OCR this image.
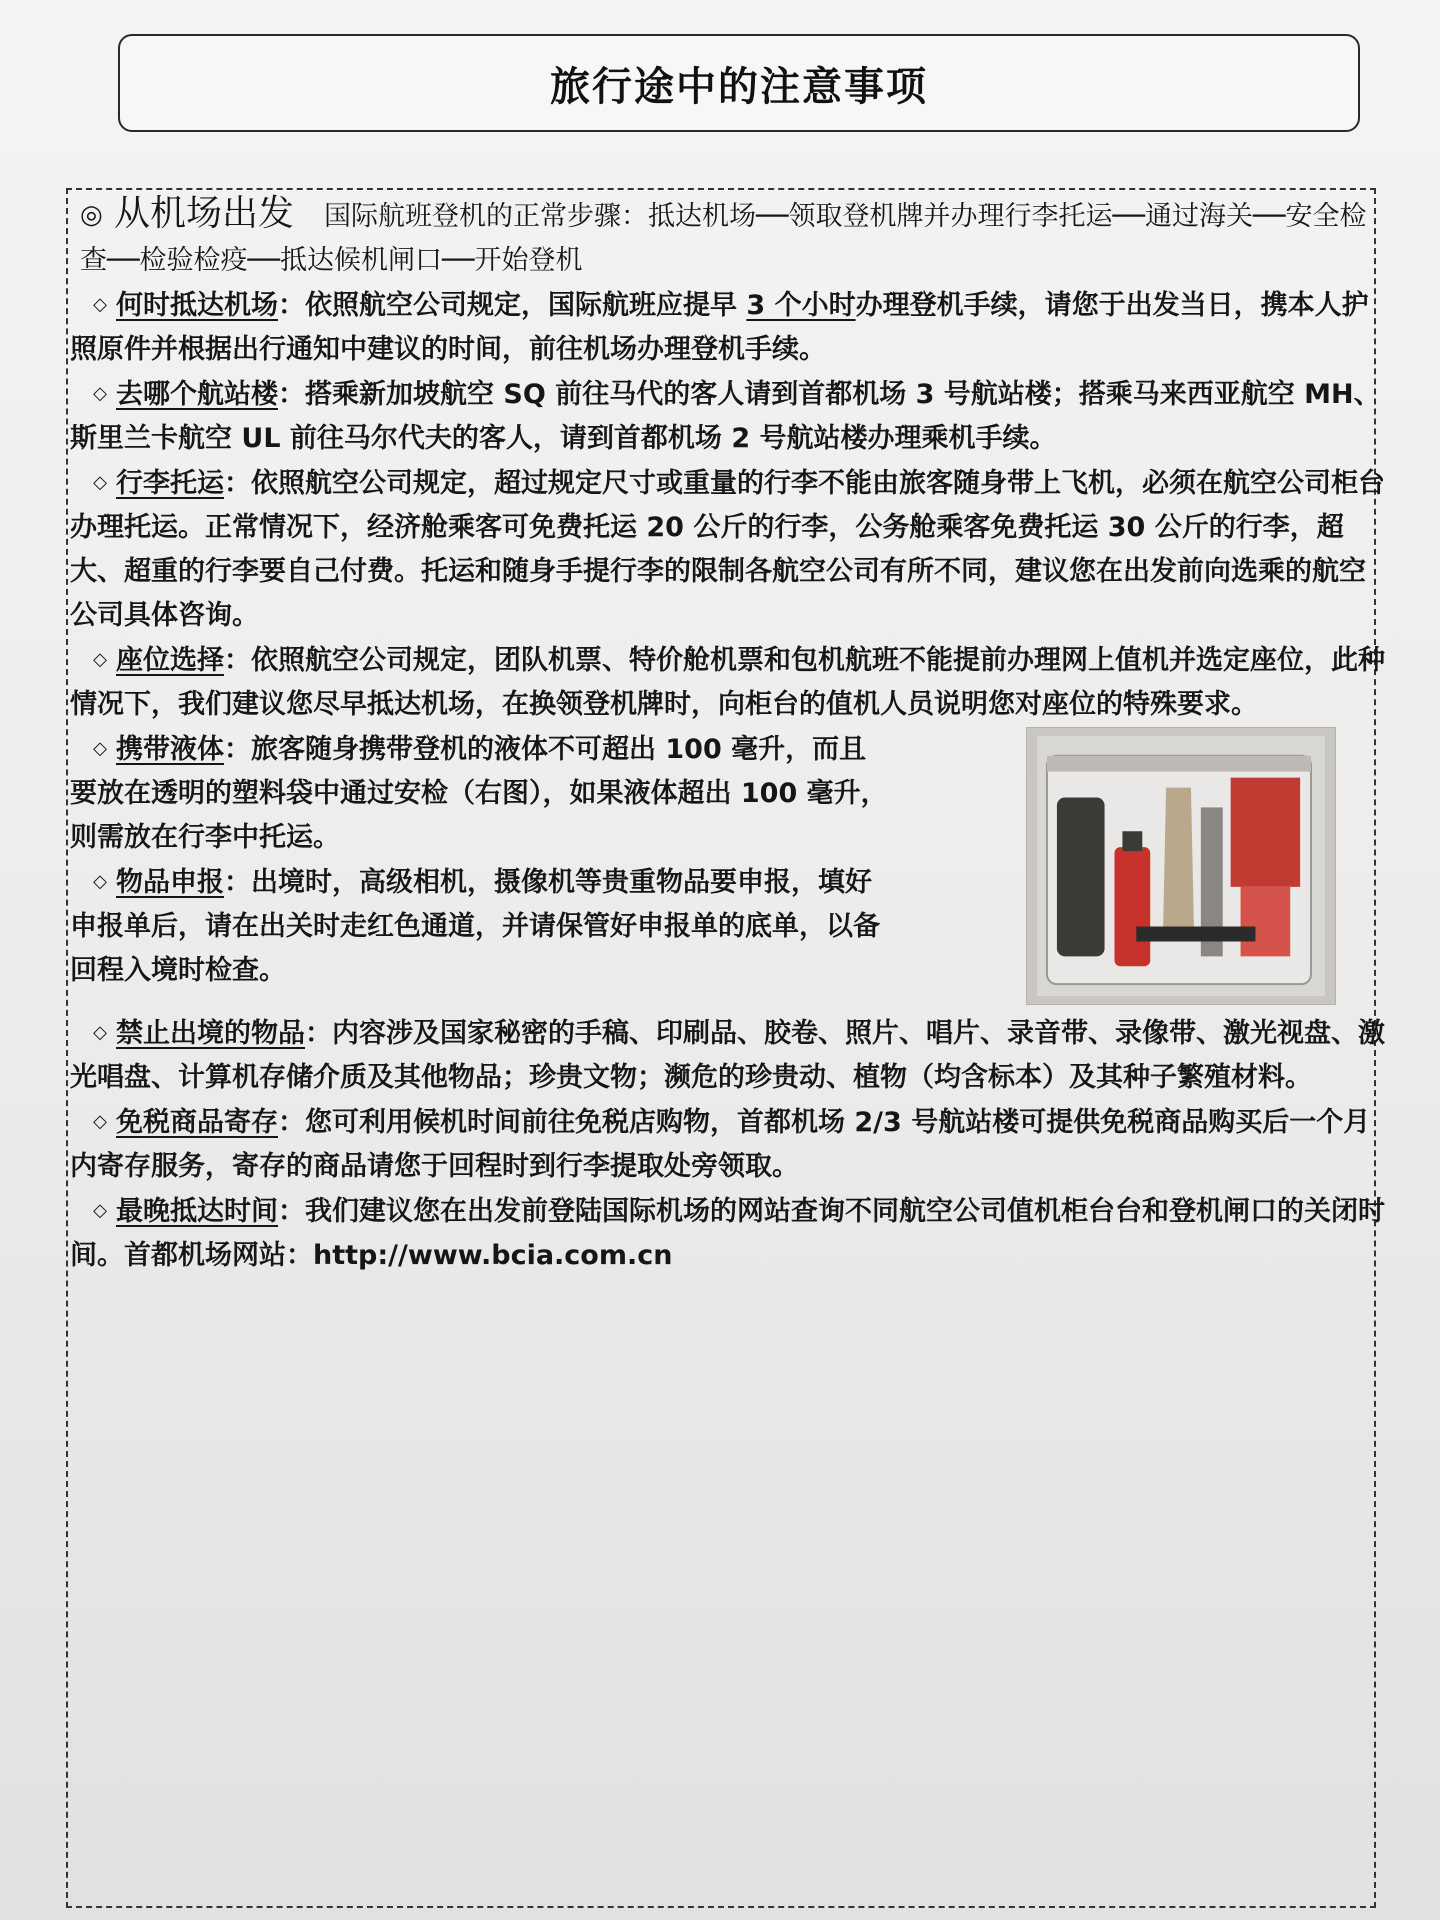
旅行途中的注意事项
◎ 从机场出发 国际航班登机的正常步骤：抵达机场──领取登机牌并办理行李托运──通过海关──安全检查──检验检疫──抵达候机闸口──开始登机

◇ 何时抵达机场：依照航空公司规定，国际航班应提早 3 个小时办理登机手续，请您于出发当日，携本人护照原件并根据出行通知中建议的时间，前往机场办理登机手续。

◇ 去哪个航站楼：搭乘新加坡航空 SQ 前往马代的客人请到首都机场 3 号航站楼；搭乘马来西亚航空 MH、斯里兰卡航空 UL 前往马尔代夫的客人，请到首都机场 2 号航站楼办理乘机手续。

◇ 行李托运：依照航空公司规定，超过规定尺寸或重量的行李不能由旅客随身带上飞机，必须在航空公司柜台办理托运。正常情况下，经济舱乘客可免费托运 20 公斤的行李，公务舱乘客免费托运 30 公斤的行李，超大、超重的行李要自己付费。托运和随身手提行李的限制各航空公司有所不同，建议您在出发前向选乘的航空公司具体咨询。

◇ 座位选择：依照航空公司规定，团队机票、特价舱机票和包机航班不能提前办理网上值机并选定座位，此种情况下，我们建议您尽早抵达机场，在换领登机牌时，向柜台的值机人员说明您对座位的特殊要求。

◇ 携带液体：旅客随身携带登机的液体不可超出 100 毫升，而且要放在透明的塑料袋中通过安检（右图），如果液体超出 100 毫升，则需放在行李中托运。

◇ 物品申报：出境时，高级相机，摄像机等贵重物品要申报，填好申报单后，请在出关时走红色通道，并请保管好申报单的底单，以备回程入境时检查。

◇ 禁止出境的物品：内容涉及国家秘密的手稿、印刷品、胶卷、照片、唱片、录音带、录像带、激光视盘、激光唱盘、计算机存储介质及其他物品；珍贵文物；濒危的珍贵动、植物（均含标本）及其种子繁殖材料。

◇ 免税商品寄存：您可利用候机时间前往免税店购物，首都机场 2/3 号航站楼可提供免税商品购买后一个月内寄存服务，寄存的商品请您于回程时到行李提取处旁领取。

◇ 最晚抵达时间：我们建议您在出发前登陆国际机场的网站查询不同航空公司值机柜台台和登机闸口的关闭时间。首都机场网站：http://www.bcia.com.cn
